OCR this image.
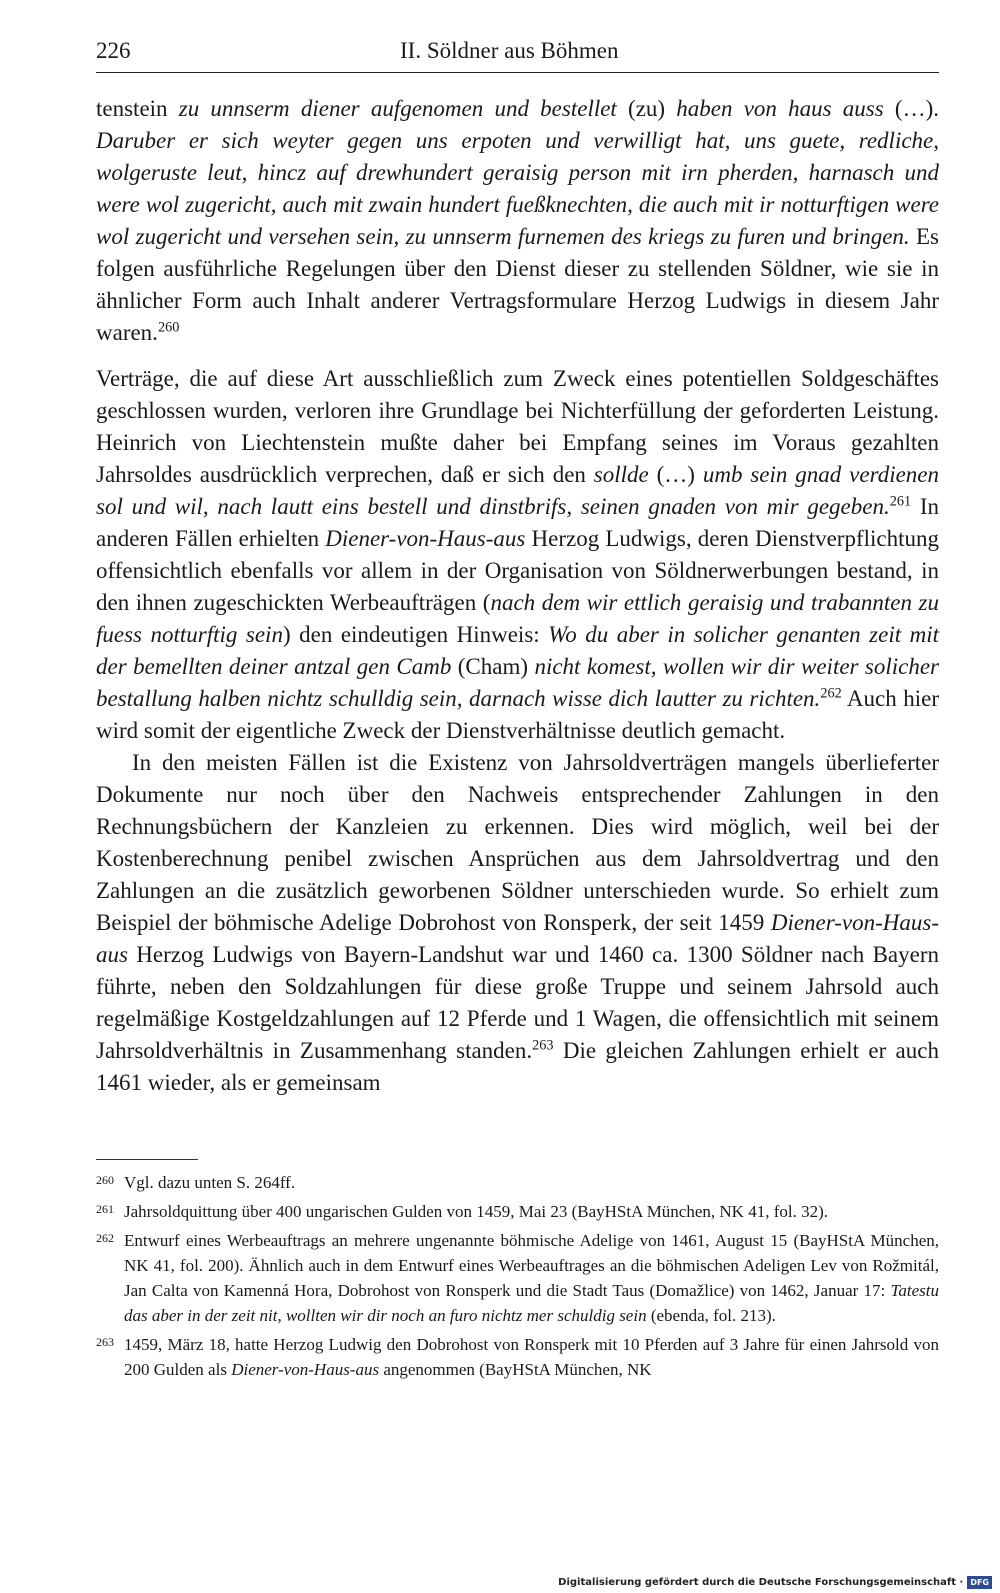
226	II. Söldner aus Böhmen

tenstein zu unnserm diener aufgenomen und bestellet (zu) haben von haus auss (…). Daruber er sich weyter gegen uns erpoten und verwilligt hat, uns guete, redliche, wolgeruste leut, hincz auf drewhundert geraisig person mit irn pherden, harnasch und were wol zugericht, auch mit zwain hundert fueßknechten, die auch mit ir notturftigen were wol zugericht und versehen sein, zu unnserm furnemen des kriegs zu furen und bringen. Es folgen ausführliche Regelungen über den Dienst dieser zu stellenden Söldner, wie sie in ähnlicher Form auch Inhalt anderer Vertragsformulare Herzog Ludwigs in diesem Jahr waren.$^{260}$

Verträge, die auf diese Art ausschließlich zum Zweck eines potentiellen Soldgeschäftes geschlossen wurden, verloren ihre Grundlage bei Nichterfüllung der geforderten Leistung. Heinrich von Liechtenstein mußte daher bei Empfang seines im Voraus gezahlten Jahrsoldes ausdrücklich verprechen, daß er sich den sollde (…) umb sein gnad verdienen sol und wil, nach lautt eins bestell und dinstbrifs, seinen gnaden von mir gegeben.$^{261}$ In anderen Fällen erhielten Diener-von-Haus-aus Herzog Ludwigs, deren Dienstverpflichtung offensichtlich ebenfalls vor allem in der Organisation von Söldnerwerbungen bestand, in den ihnen zugeschickten Werbeaufträgen (nach dem wir ettlich geraisig und trabannten zu fuess notturftig sein) den eindeutigen Hinweis: Wo du aber in solicher genanten zeit mit der bemellten deiner antzal gen Camb (Cham) nicht komest, wollen wir dir weiter solicher bestallung halben nichtz schulldig sein, darnach wisse dich lautter zu richten.$^{262}$ Auch hier wird somit der eigentliche Zweck der Dienstverhältnisse deutlich gemacht.

In den meisten Fällen ist die Existenz von Jahrsoldverträgen mangels überlieferter Dokumente nur noch über den Nachweis entsprechender Zahlungen in den Rechnungsbüchern der Kanzleien zu erkennen. Dies wird möglich, weil bei der Kostenberechnung penibel zwischen Ansprüchen aus dem Jahrsoldvertrag und den Zahlungen an die zusätzlich geworbenen Söldner unterschieden wurde. So erhielt zum Beispiel der böhmische Adelige Dobrohost von Ronsperk, der seit 1459 Diener-von-Haus-aus Herzog Ludwigs von Bayern-Landshut war und 1460 ca. 1300 Söldner nach Bayern führte, neben den Soldzahlungen für diese große Truppe und seinem Jahrsold auch regelmäßige Kostgeldzahlungen auf 12 Pferde und 1 Wagen, die offensichtlich mit seinem Jahrsoldverhältnis in Zusammenhang standen.$^{263}$ Die gleichen Zahlungen erhielt er auch 1461 wieder, als er gemeinsam

260 Vgl. dazu unten S. 264ff.
261 Jahrsoldquittung über 400 ungarischen Gulden von 1459, Mai 23 (BayHStA München, NK 41, fol. 32).
262 Entwurf eines Werbeauftrags an mehrere ungenannte böhmische Adelige von 1461, August 15 (BayHStA München, NK 41, fol. 200). Ähnlich auch in dem Entwurf eines Werbeauftrages an die böhmischen Adeligen Lev von Rožmitál, Jan Calta von Kamenná Hora, Dobrohost von Ronsperk und die Stadt Taus (Domažlice) von 1462, Januar 17: Tatestu das aber in der zeit nit, wollten wir dir noch an furo nichtz mer schuldig sein (ebenda, fol. 213).
263 1459, März 18, hatte Herzog Ludwig den Dobrohost von Ronsperk mit 10 Pferden auf 3 Jahre für einen Jahrsold von 200 Gulden als Diener-von-Haus-aus angenommen (BayHStA München, NK
Digitalisierung gefördert durch die Deutsche Forschungsgemeinschaft · DFG
